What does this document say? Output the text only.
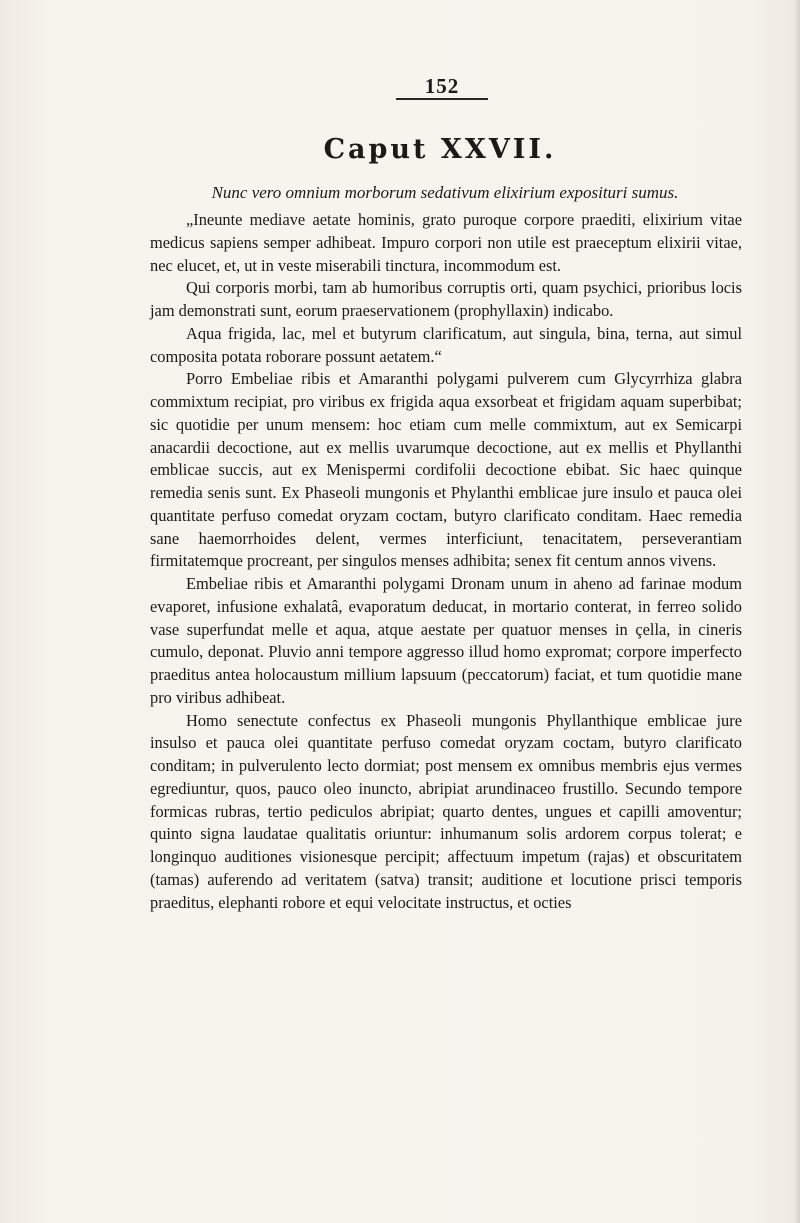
152
Caput XXVII.
Nunc vero omnium morborum sedativum elixirium expositurі sumus.

„Ineunte mediave aetate hominis, grato puroque corpore praediti, elixirium vitae medicus sapiens semper adhibeat. Impuro corpori non utile est praeceptum elixirii vitae, nec elucet, et, ut in veste miserabili tinctura, incommodum est.

Qui corporis morbi, tam ab humoribus corruptis orti, quam psychici, prioribus locis jam demonstrati sunt, eorum praeservationem (prophyllaxin) indicabo.

Aqua frigida, lac, mel et butyrum clarificatum, aut singula, bina, terna, aut simul composita potata roborare possunt aetatem.“

Porro Embeliae ribis et Amaranthi polygami pulverem cum Glycyrrhiza glabra commixtum recipiat, pro viribus ex frigida aqua exsorbeat et frigidam aquam superbibat; sic quotidie per unum mensem: hoc etiam cum melle commixtum, aut ex Semicarpi anacardii decoctione, aut ex mellis uvarumque decoctione, aut ex mellis et Phyllanthi emblicae succis, aut ex Menispermi cordifolii decoctione ebibat. Sic haec quinque remedia senis sunt. Ex Phaseoli mungonis et Phylanthi emblicae jure insulo et pauca olei quantitate perfuso comedat oryzam coctam, butyro clarificato conditam. Haec remedia sane haemorrhoides delent, vermes interficiunt, tenacitatem, perseverantiam firmitatemque procreant, per singulos menses adhibita; senex fit centum annos vivens.

Embeliae ribis et Amaranthi polygami Dronam unum in aheno ad farinae modum evaporet, infusione exhalatâ, evaporatum deducat, in mortario conterat, in ferreo solido vase superfundat melle et aqua, atque aestate per quatuor menses in çella, in cineris cumulo, deponat. Pluvio anni tempore aggresso illud homo expromat; corpore imperfecto praeditus antea holocaustum millium lapsuum (peccatorum) faciat, et tum quotidie mane pro viribus adhibeat.

Homo senectute confectus ex Phaseoli mungonis Phyllanthique emblicae jure insulso et pauca olei quantitate perfuso comedat oryzam coctam, butyro clarificato conditam; in pulverulento lecto dormiat; post mensem ex omnibus membris ejus vermes egrediuntur, quos, pauco oleo inuncto, abripiat arundinaceo frustillo. Secundo tempore formicas rubras, tertio pediculos abripiat; quarto dentes, ungues et capilli amoventur; quinto signa laudatae qualitatis oriuntur: inhumanum solis ardorem corpus tolerat; e longinquo auditiones visionesque percipit; affectuum impetum (rajas) et obscuritatem (tamas) auferendo ad veritatem (satva) transit; auditione et locutione prisci temporis praeditus, elephanti robore et equi velocitate instructus, et octies
